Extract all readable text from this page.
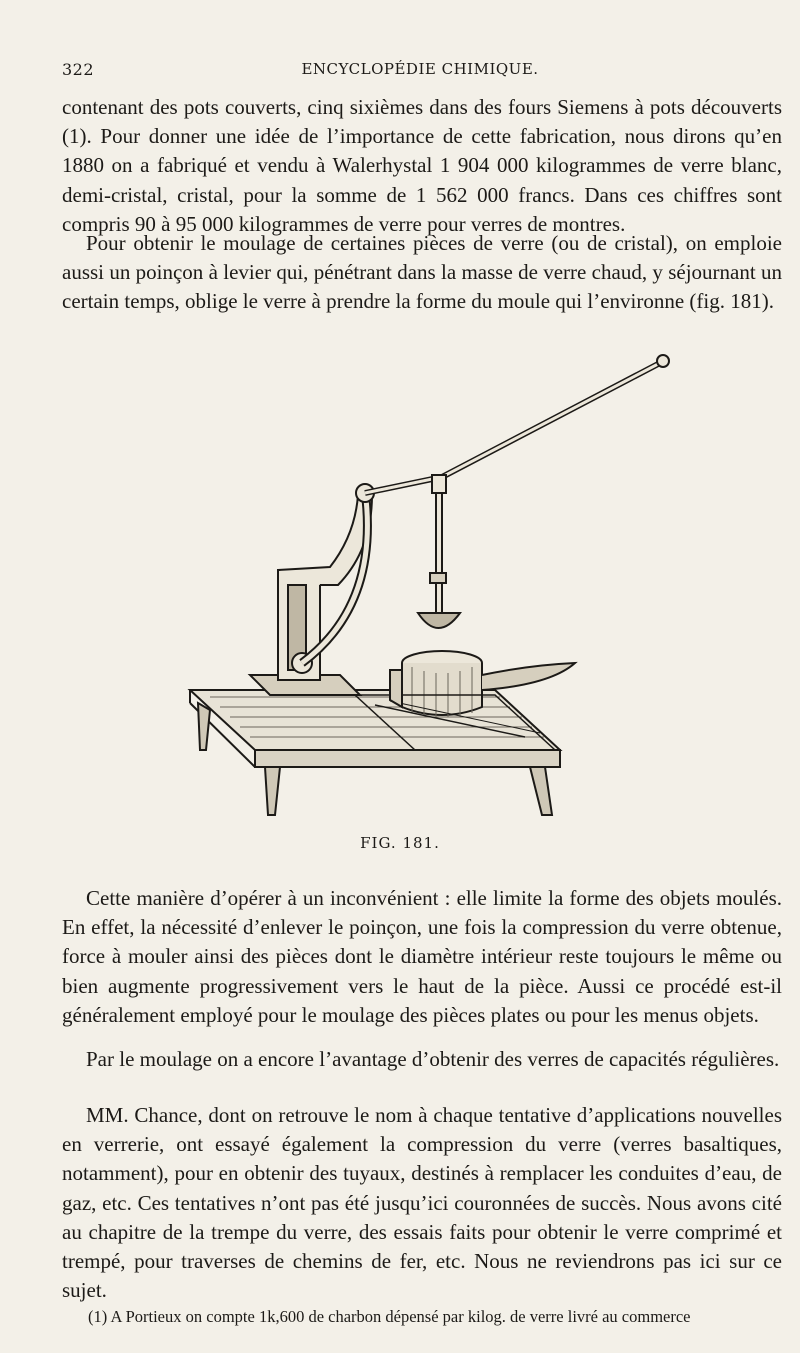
322	ENCYCLOPÉDIE CHIMIQUE.

contenant des pots couverts, cinq sixièmes dans des fours Siemens à pots découverts (1). Pour donner une idée de l’importance de cette fabrication, nous dirons qu’en 1880 on a fabriqué et vendu à Walerhystal 1 904 000 kilogrammes de verre blanc, demi-cristal, cristal, pour la somme de 1 562 000 francs. Dans ces chiffres sont compris 90 à 95 000 kilogrammes de verre pour verres de montres.

Pour obtenir le moulage de certaines pièces de verre (ou de cristal), on emploie aussi un poinçon à levier qui, pénétrant dans la masse de verre chaud, y séjournant un certain temps, oblige le verre à prendre la forme du moule qui l’environne (fig. 181).

FIG. 181.

Cette manière d’opérer à un inconvénient : elle limite la forme des objets moulés. En effet, la nécessité d’enlever le poinçon, une fois la compression du verre obtenue, force à mouler ainsi des pièces dont le diamètre intérieur reste toujours le même ou bien augmente progressivement vers le haut de la pièce. Aussi ce procédé est-il généralement employé pour le moulage des pièces plates ou pour les menus objets.

Par le moulage on a encore l’avantage d’obtenir des verres de capacités régulières.

MM. Chance, dont on retrouve le nom à chaque tentative d’applications nouvelles en verrerie, ont essayé également la compression du verre (verres basaltiques, notamment), pour en obtenir des tuyaux, destinés à remplacer les conduites d’eau, de gaz, etc. Ces tentatives n’ont pas été jusqu’ici couronnées de succès. Nous avons cité au chapitre de la trempe du verre, des essais faits pour obtenir le verre comprimé et trempé, pour traverses de chemins de fer, etc. Nous ne reviendrons pas ici sur ce sujet.

(1) A Portieux on compte 1k,600 de charbon dépensé par kilog. de verre livré au commerce
